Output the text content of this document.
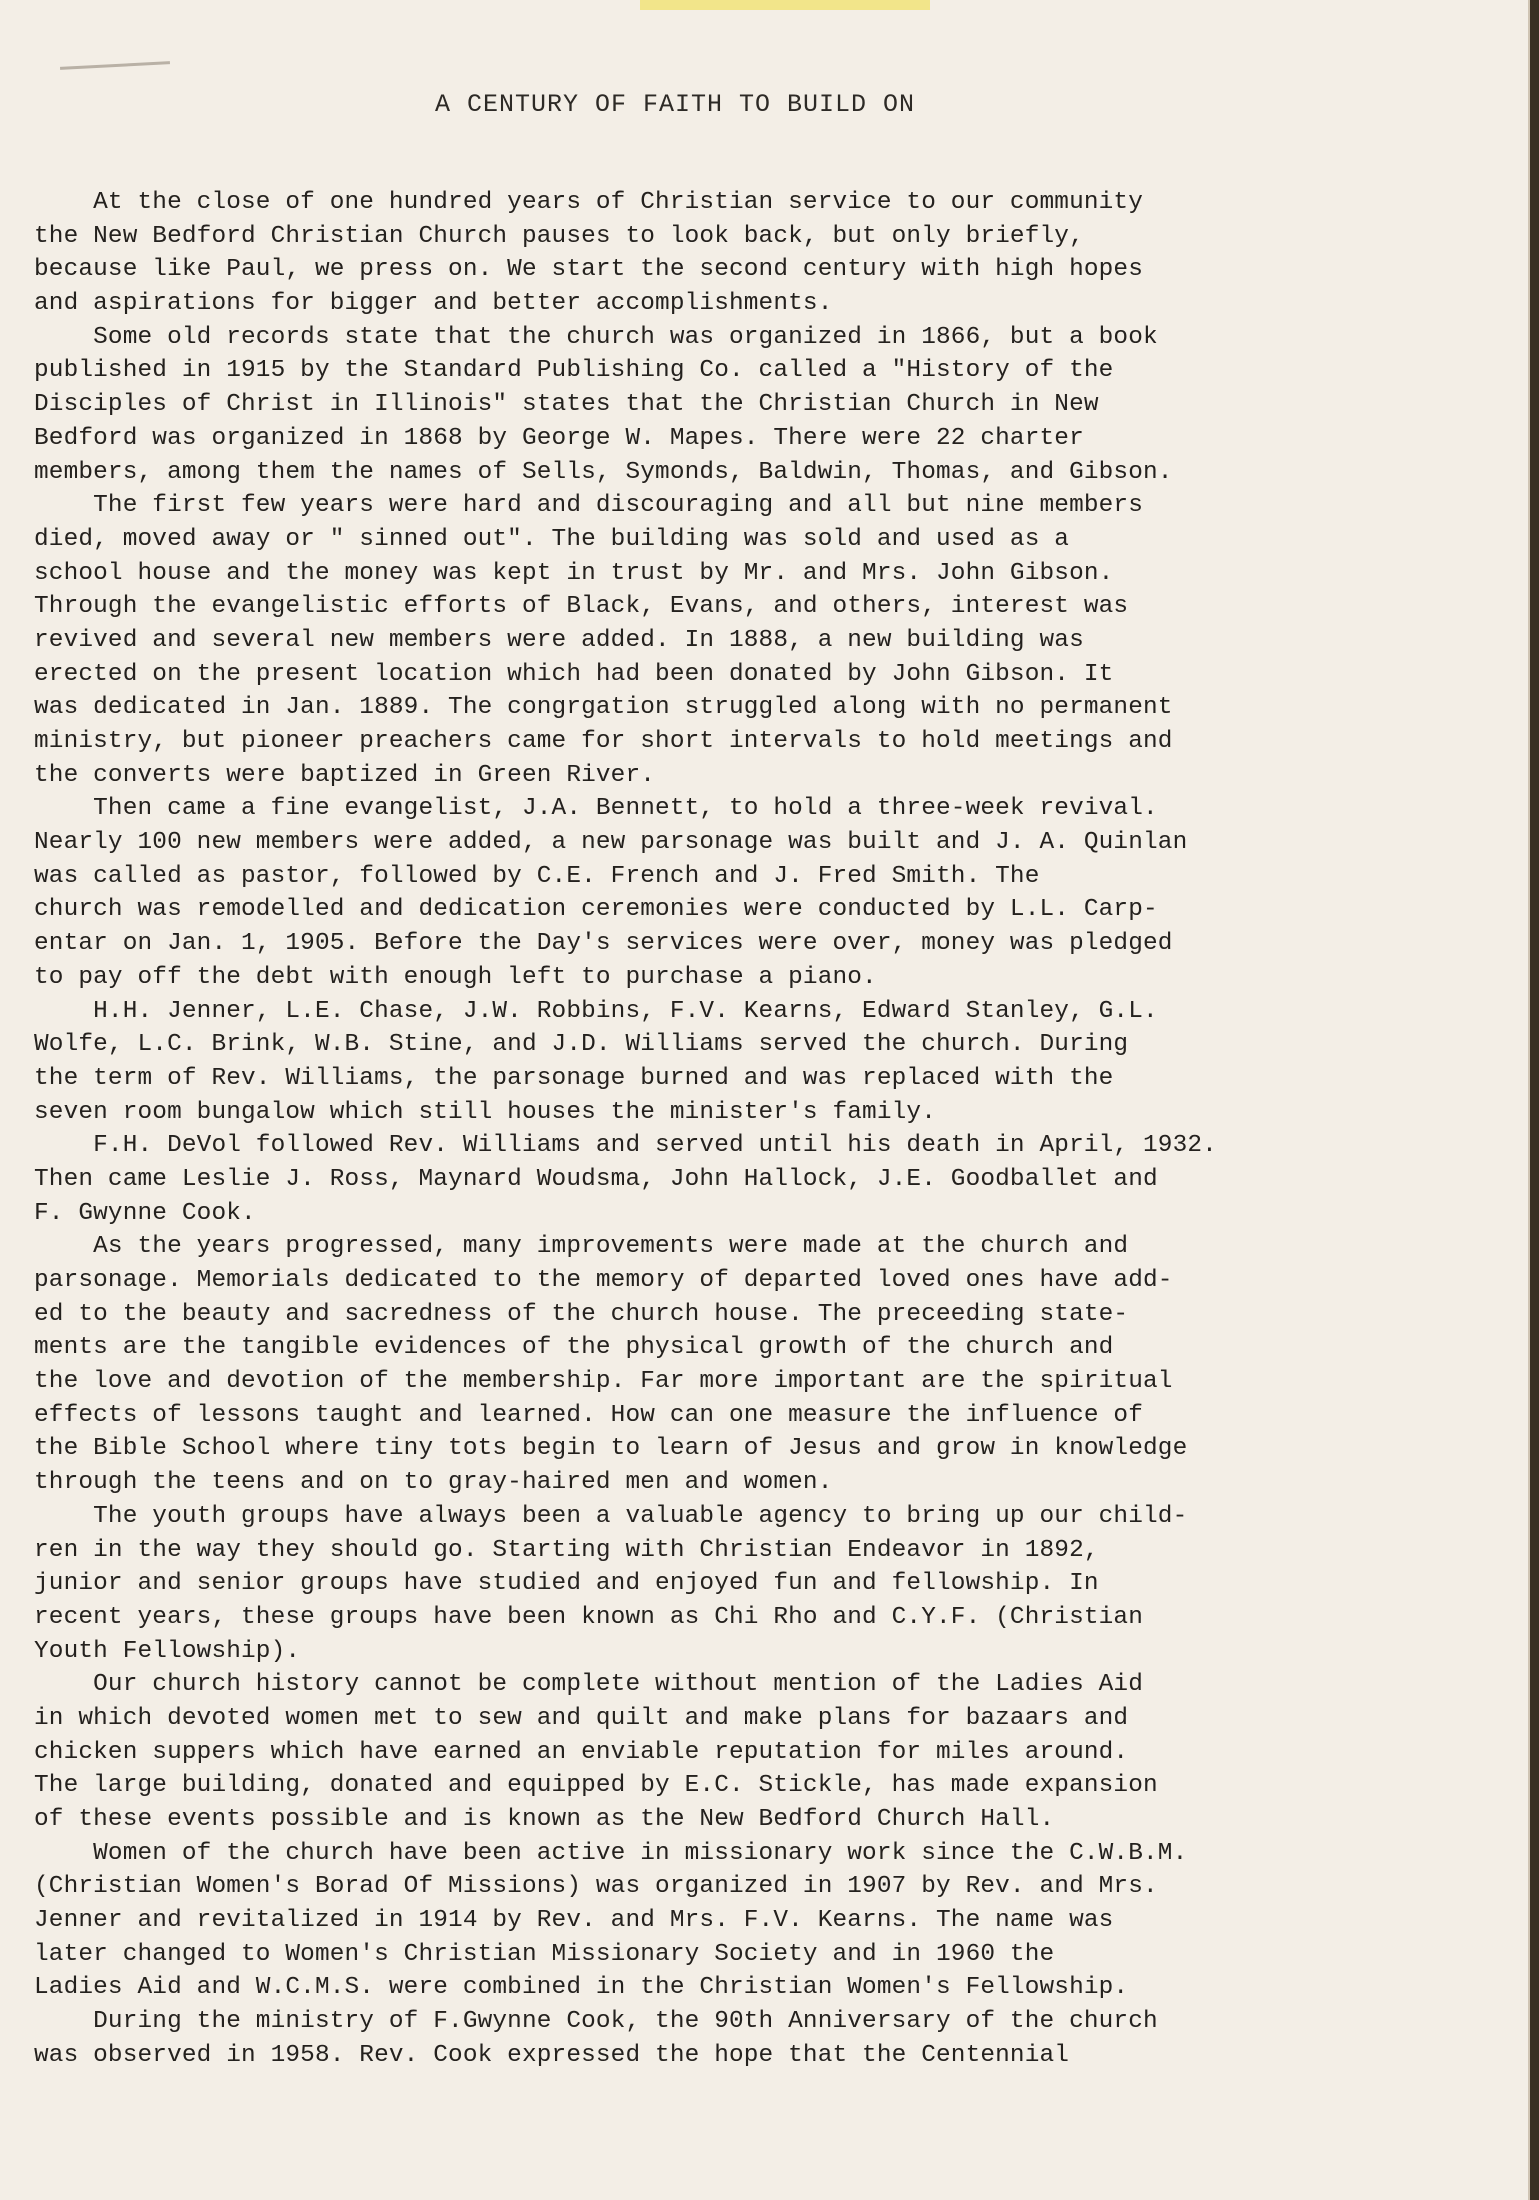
A CENTURY OF FAITH TO BUILD ON
At the close of one hundred years of Christian service to our community
the New Bedford Christian Church pauses to look back, but only briefly,
because like Paul, we press on. We start the second century with high hopes
and aspirations for bigger and better accomplishments.
Some old records state that the church was organized in 1866, but a book
published in 1915 by the Standard Publishing Co. called a "History of the
Disciples of Christ in Illinois" states that the Christian Church in New
Bedford was organized in 1868 by George W. Mapes. There were 22 charter
members, among them the names of Sells, Symonds, Baldwin, Thomas, and Gibson.
The first few years were hard and discouraging and all but nine members
died, moved away or " sinned out". The building was sold and used as a
school house and the money was kept in trust by Mr. and Mrs. John Gibson.
Through the evangelistic efforts of Black, Evans, and others, interest was
revived and several new members were added. In 1888, a new building was
erected on the present location which had been donated by John Gibson. It
was dedicated in Jan. 1889. The congrgation struggled along with no permanent
ministry, but pioneer preachers came for short intervals to hold meetings and
the converts were baptized in Green River.
Then came a fine evangelist, J.A. Bennett, to hold a three-week revival.
Nearly 100 new members were added, a new parsonage was built and J. A. Quinlan
was called as pastor, followed by C.E. French and J. Fred Smith. The
church was remodelled and dedication ceremonies were conducted by L.L. Carp-
entar on Jan. 1, 1905. Before the Day's services were over, money was pledged
to pay off the debt with enough left to purchase a piano.
H.H. Jenner, L.E. Chase, J.W. Robbins, F.V. Kearns, Edward Stanley, G.L.
Wolfe, L.C. Brink, W.B. Stine, and J.D. Williams served the church. During
the term of Rev. Williams, the parsonage burned and was replaced with the
seven room bungalow which still houses the minister's family.
F.H. DeVol followed Rev. Williams and served until his death in April, 1932.
Then came Leslie J. Ross, Maynard Woudsma, John Hallock, J.E. Goodballet and
F. Gwynne Cook.
As the years progressed, many improvements were made at the church and
parsonage. Memorials dedicated to the memory of departed loved ones have add-
ed to the beauty and sacredness of the church house. The preceeding state-
ments are the tangible evidences of the physical growth of the church and
the love and devotion of the membership. Far more important are the spiritual
effects of lessons taught and learned. How can one measure the influence of
the Bible School where tiny tots begin to learn of Jesus and grow in knowledge
through the teens and on to gray-haired men and women.
The youth groups have always been a valuable agency to bring up our child-
ren in the way they should go. Starting with Christian Endeavor in 1892,
junior and senior groups have studied and enjoyed fun and fellowship. In
recent years, these groups have been known as Chi Rho and C.Y.F. (Christian
Youth Fellowship).
Our church history cannot be complete without mention of the Ladies Aid
in which devoted women met to sew and quilt and make plans for bazaars and
chicken suppers which have earned an enviable reputation for miles around.
The large building, donated and equipped by E.C. Stickle, has made expansion
of these events possible and is known as the New Bedford Church Hall.
Women of the church have been active in missionary work since the C.W.B.M.
(Christian Women's Borad Of Missions) was organized in 1907 by Rev. and Mrs.
Jenner and revitalized in 1914 by Rev. and Mrs. F.V. Kearns. The name was
later changed to Women's Christian Missionary Society and in 1960 the
Ladies Aid and W.C.M.S. were combined in the Christian Women's Fellowship.
During the ministry of F.Gwynne Cook, the 90th Anniversary of the church
was observed in 1958. Rev. Cook expressed the hope that the Centennial
